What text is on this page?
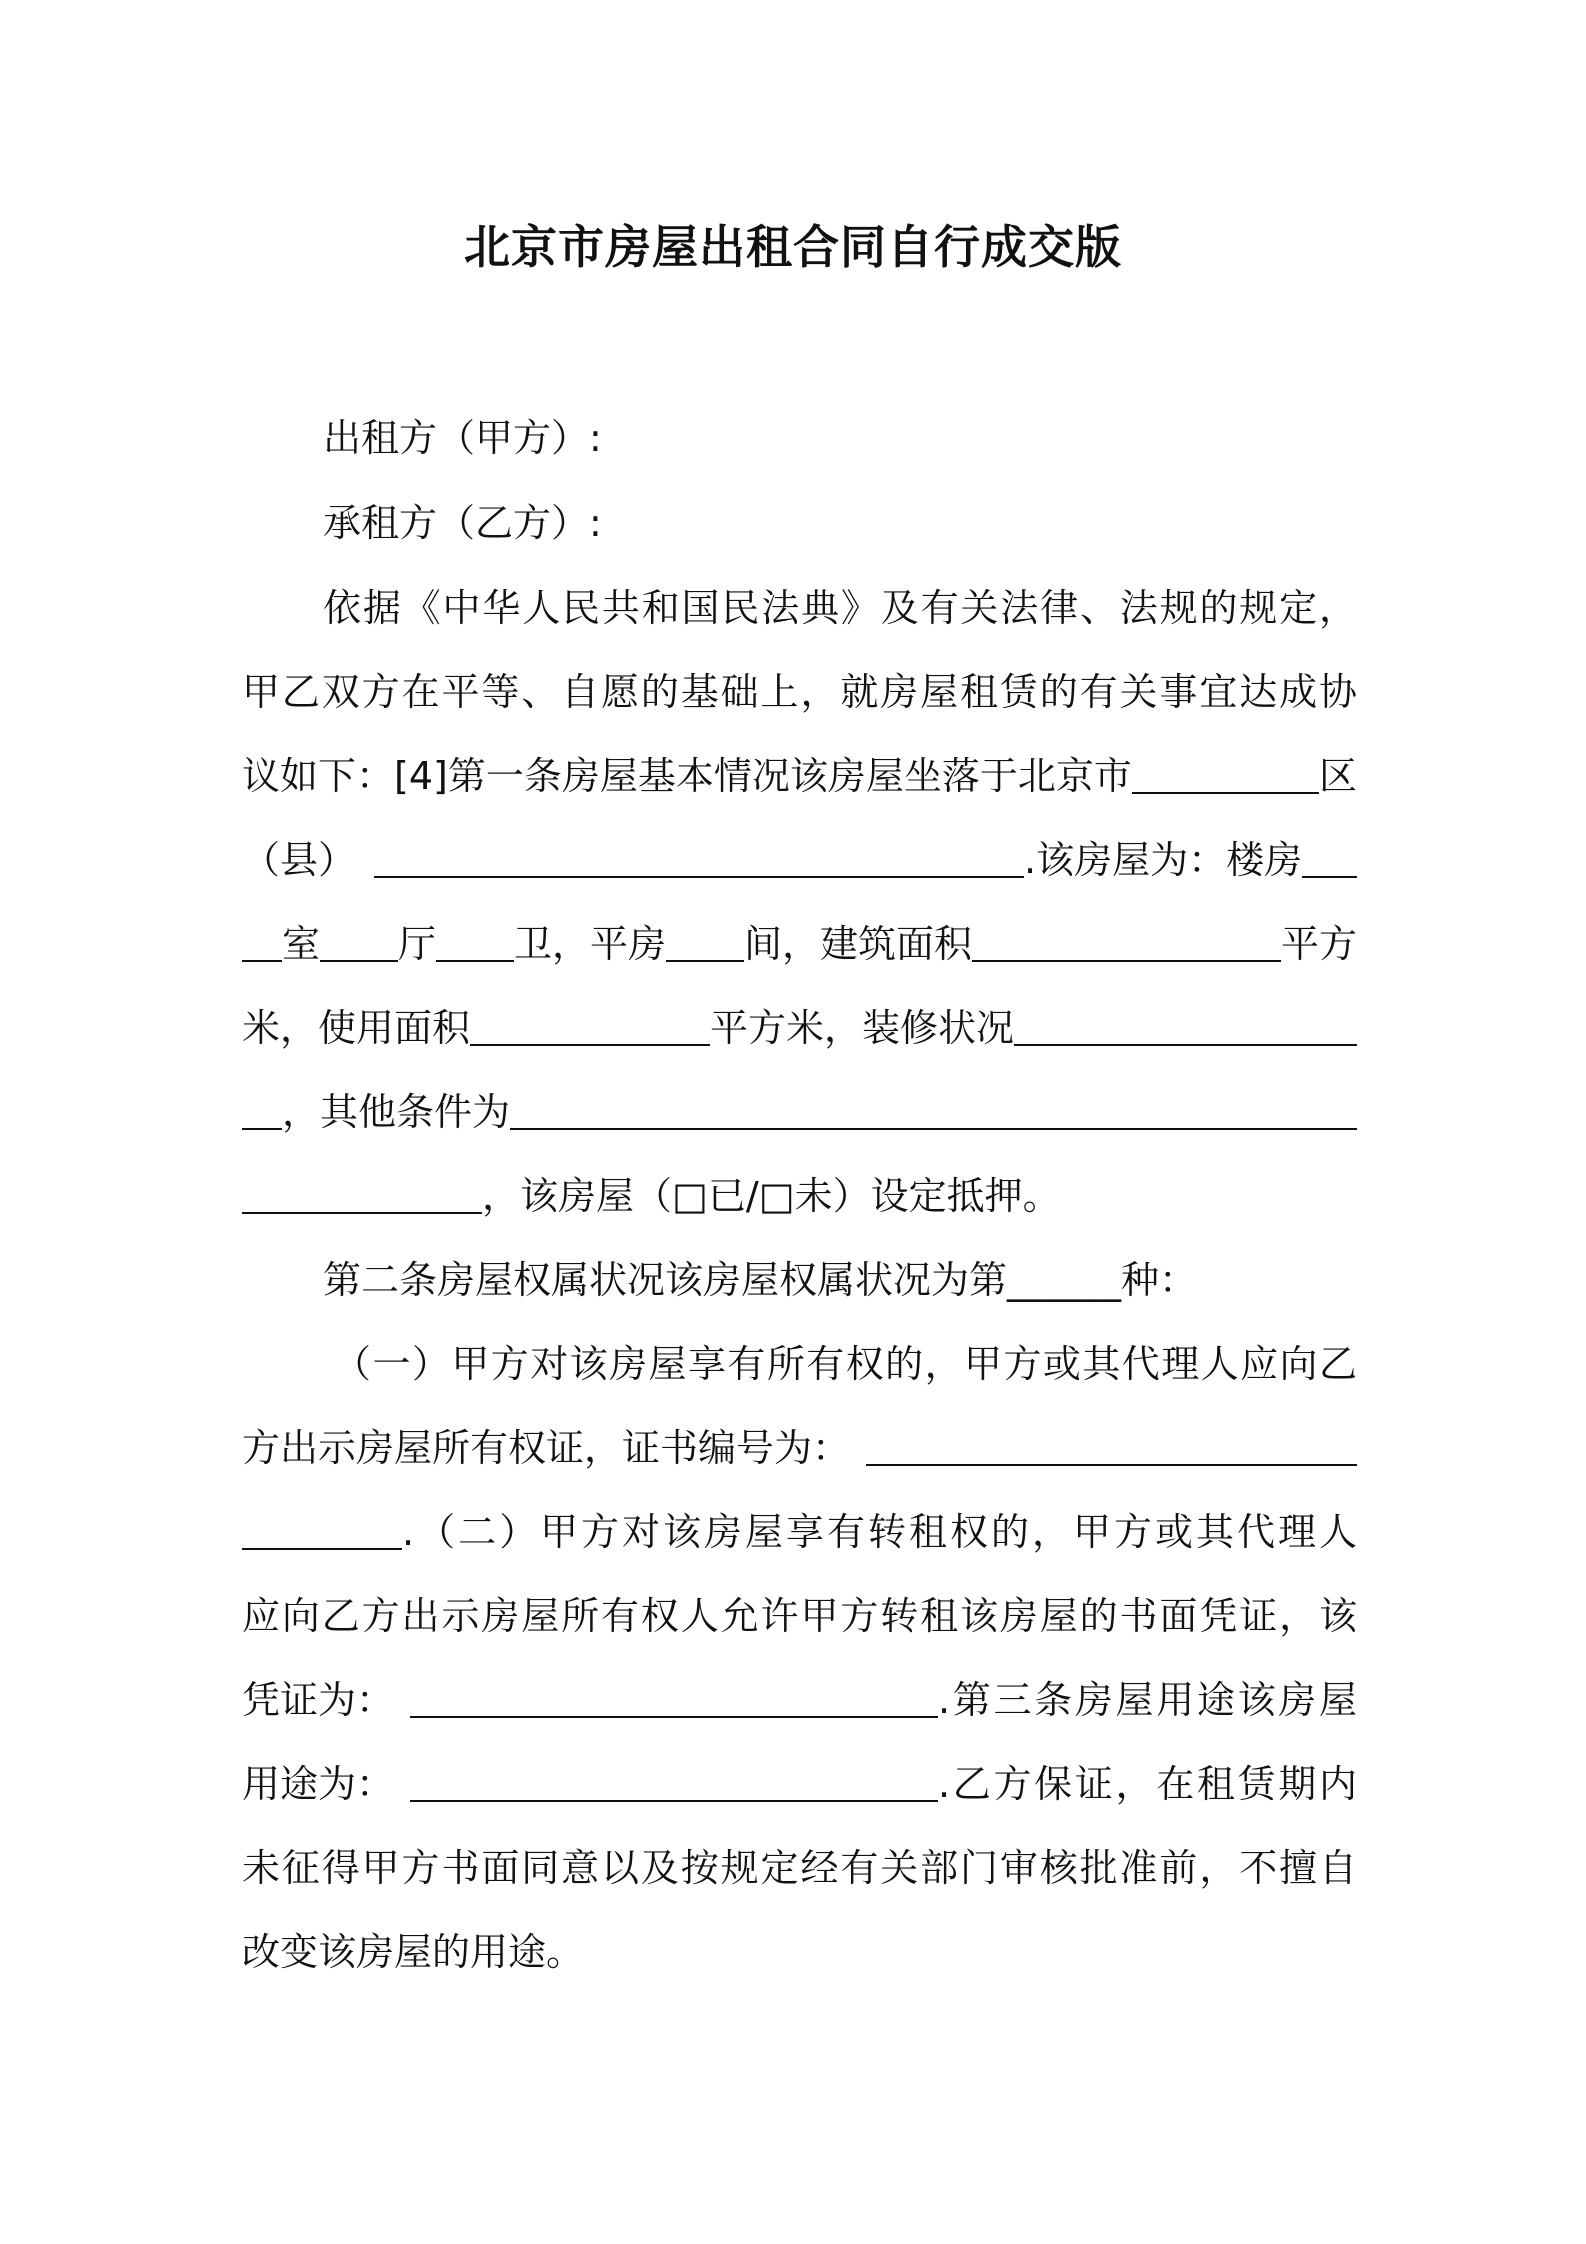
北京市房屋出租合同自行成交版
出租方（甲方）:
承租方（乙方）:
依据《中华人民共和国民法典》及有关法律、法规的规定，
甲乙双方在平等、自愿的基础上，就房屋租赁的有关事宜达成协
议如下：[4]第一条房屋基本情况该房屋坐落于北京市	区
（县）	.该房屋为：楼房
室 厅 卫，平房 间，建筑面积	平方
米，使用面积	平方米，装修状况
，其他条件为
，该房屋（□已/□未）设定抵押。
第二条房屋权属状况该房屋权属状况为第______种：
（一）甲方对该房屋享有所有权的，甲方或其代理人应向乙
方出示房屋所有权证，证书编号为：
.（二）甲方对该房屋享有转租权的，甲方或其代理人
应向乙方出示房屋所有权人允许甲方转租该房屋的书面凭证，该
凭证为：	.第三条房屋用途该房屋
用途为：	.乙方保证，在租赁期内
未征得甲方书面同意以及按规定经有关部门审核批准前，不擅自
改变该房屋的用途。
